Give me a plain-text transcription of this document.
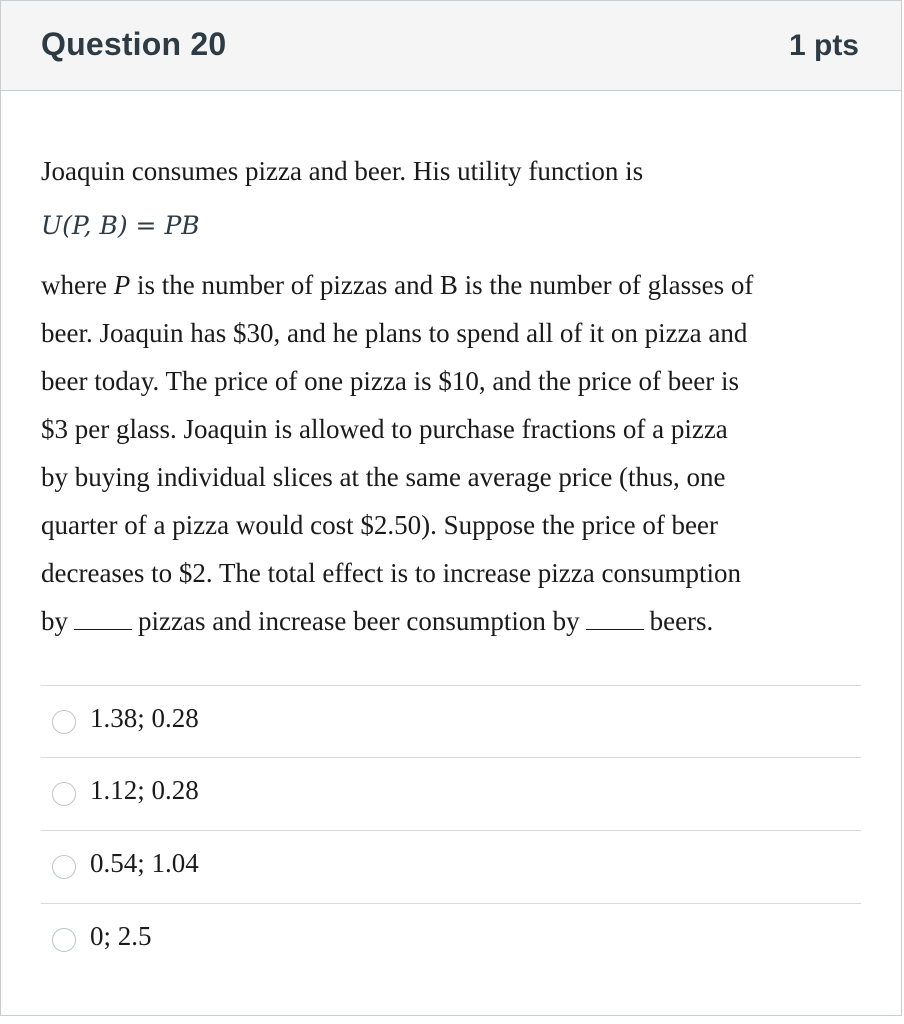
Question 20	1 pts
Joaquin consumes pizza and beer. His utility function is
U(P, B) = PB
where P is the number of pizzas and B is the number of glasses of
beer. Joaquin has $30, and he plans to spend all of it on pizza and
beer today. The price of one pizza is $10, and the price of beer is
$3 per glass. Joaquin is allowed to purchase fractions of a pizza
by buying individual slices at the same average price (thus, one
quarter of a pizza would cost $2.50). Suppose the price of beer
decreases to $2. The total effect is to increase pizza consumption
by	pizzas and increase beer consumption by	beers.
1.38; 0.28
1.12; 0.28
0.54; 1.04
0; 2.5
